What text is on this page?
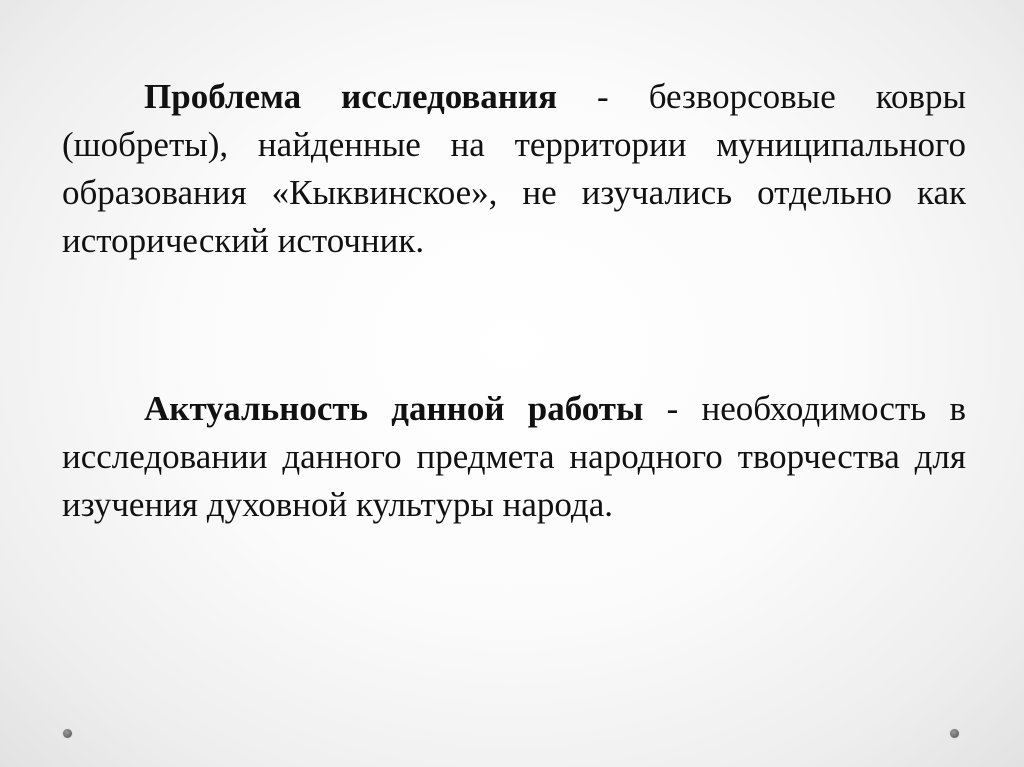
Проблема исследования - безворсовые ковры (шобреты), найденные на территории муниципального образования «Кыквинское», не изучались отдельно как исторический источник.

Актуальность данной работы - необходимость в исследовании данного предмета народного творчества для изучения духовной культуры народа.
